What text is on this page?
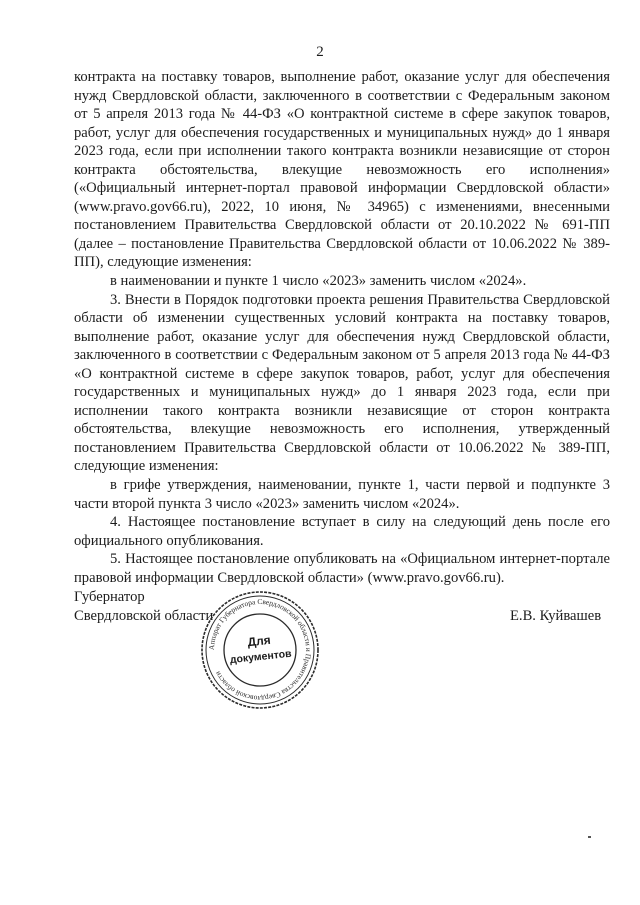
2

контракта на поставку товаров, выполнение работ, оказание услуг для обеспечения нужд Свердловской области, заключенного в соответствии с Федеральным законом от 5 апреля 2013 года № 44-ФЗ «О контрактной системе в сфере закупок товаров, работ, услуг для обеспечения государственных и муниципальных нужд» до 1 января 2023 года, если при исполнении такого контракта возникли независящие от сторон контракта обстоятельства, влекущие невозможность его исполнения» («Официальный интернет-портал правовой информации Свердловской области» (www.pravo.gov66.ru), 2022, 10 июня, № 34965) с изменениями, внесенными постановлением Правительства Свердловской области от 20.10.2022 № 691-ПП (далее – постановление Правительства Свердловской области от 10.06.2022 № 389-ПП), следующие изменения:

в наименовании и пункте 1 число «2023» заменить числом «2024».

3. Внести в Порядок подготовки проекта решения Правительства Свердловской области об изменении существенных условий контракта на поставку товаров, выполнение работ, оказание услуг для обеспечения нужд Свердловской области, заключенного в соответствии с Федеральным законом от 5 апреля 2013 года № 44-ФЗ «О контрактной системе в сфере закупок товаров, работ, услуг для обеспечения государственных и муниципальных нужд» до 1 января 2023 года, если при исполнении такого контракта возникли независящие от сторон контракта обстоятельства, влекущие невозможность его исполнения, утвержденный постановлением Правительства Свердловской области от 10.06.2022 № 389-ПП, следующие изменения:

в грифе утверждения, наименовании, пункте 1, части первой и подпункте 3 части второй пункта 3 число «2023» заменить числом «2024».

4. Настоящее постановление вступает в силу на следующий день после его официального опубликования.

5. Настоящее постановление опубликовать на «Официальном интернет-портале правовой информации Свердловской области» (www.pravo.gov66.ru).

Губернатор
Свердловской области	Е.В. Куйвашев
Аппарат Губернатора Свердловской области и Правительства Свердловской области
Для
документов
